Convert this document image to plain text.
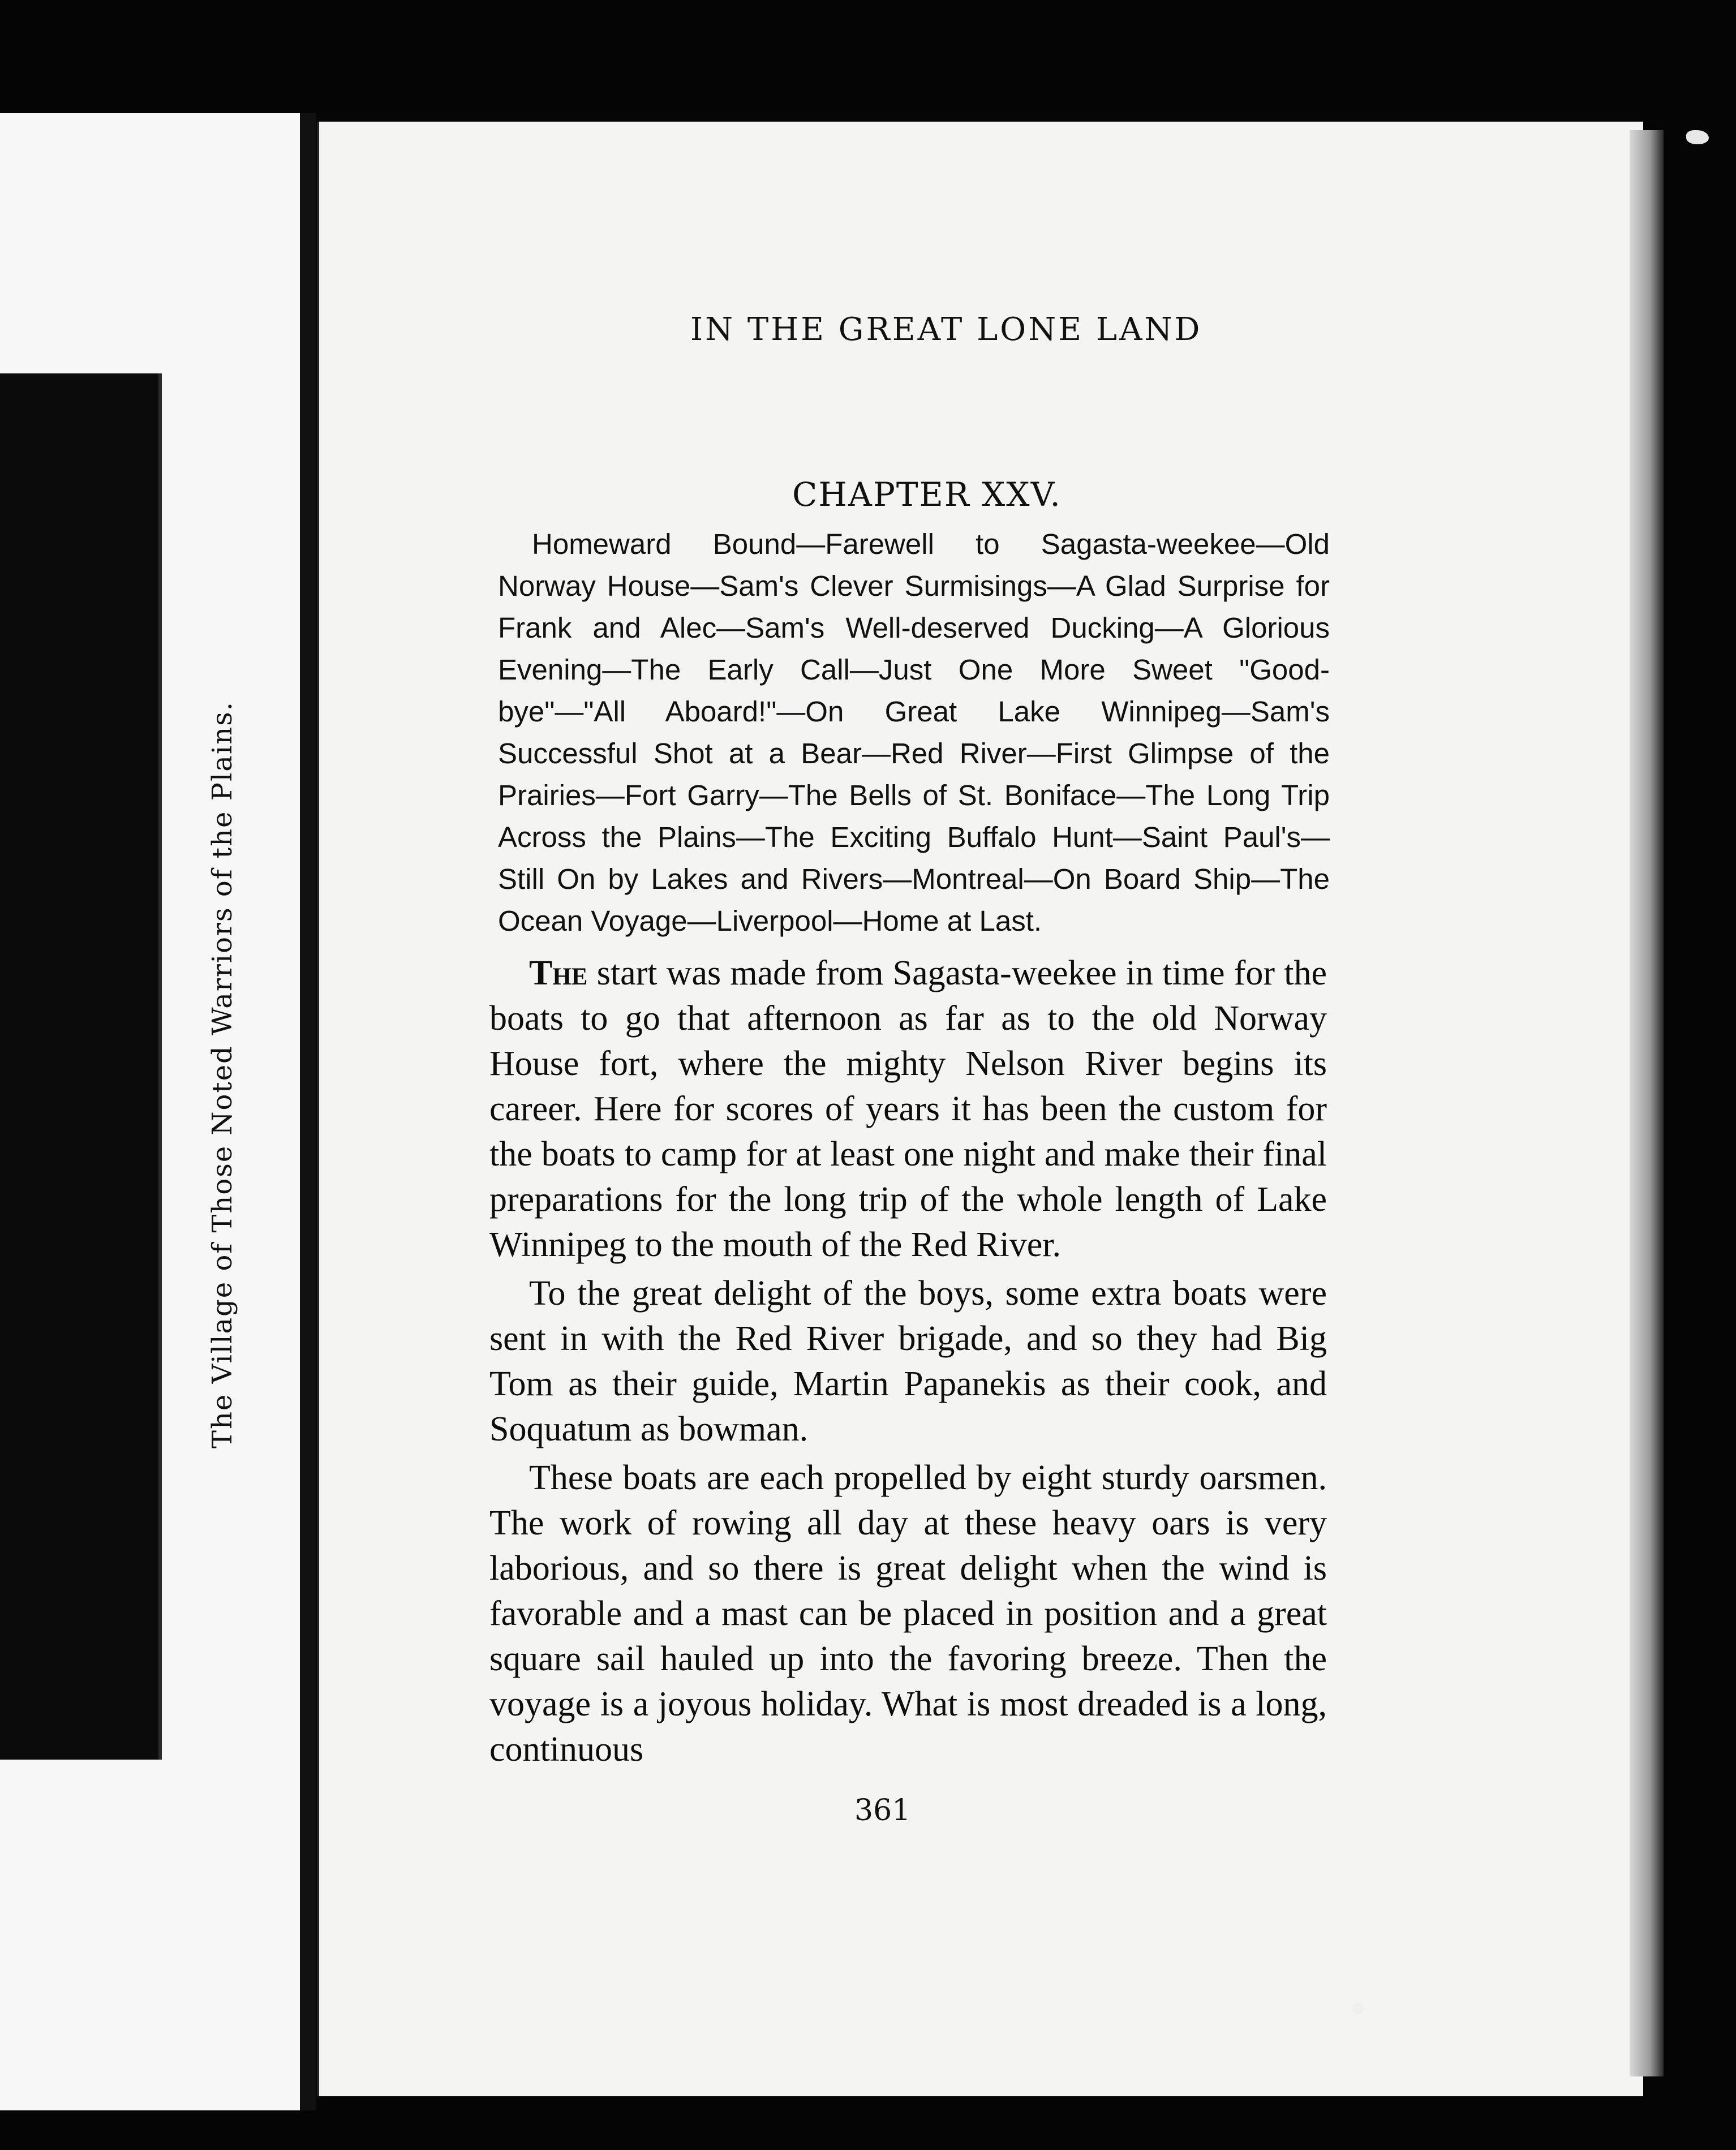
The Village of Those Noted Warriors of the Plains.
IN THE GREAT LONE LAND
CHAPTER XXV.

Homeward Bound—Farewell to Sagasta-weekee—Old Norway House—Sam's Clever Surmisings—A Glad Surprise for Frank and Alec—Sam's Well-deserved Ducking—A Glorious Evening—The Early Call—Just One More Sweet "Good-bye"—"All Aboard!"—On Great Lake Winnipeg—Sam's Successful Shot at a Bear—Red River—First Glimpse of the Prairies—Fort Garry—The Bells of St. Boniface—The Long Trip Across the Plains—The Exciting Buffalo Hunt—Saint Paul's—Still On by Lakes and Rivers—Montreal—On Board Ship—The Ocean Voyage—Liverpool—Home at Last.

The start was made from Sagasta-weekee in time for the boats to go that afternoon as far as to the old Norway House fort, where the mighty Nelson River begins its career. Here for scores of years it has been the custom for the boats to camp for at least one night and make their final preparations for the long trip of the whole length of Lake Winnipeg to the mouth of the Red River.

To the great delight of the boys, some extra boats were sent in with the Red River brigade, and so they had Big Tom as their guide, Martin Papanekis as their cook, and Soquatum as bowman.

These boats are each propelled by eight sturdy oarsmen. The work of rowing all day at these heavy oars is very laborious, and so there is great delight when the wind is favorable and a mast can be placed in position and a great square sail hauled up into the favoring breeze. Then the voyage is a joyous holiday. What is most dreaded is a long, continuous

361
